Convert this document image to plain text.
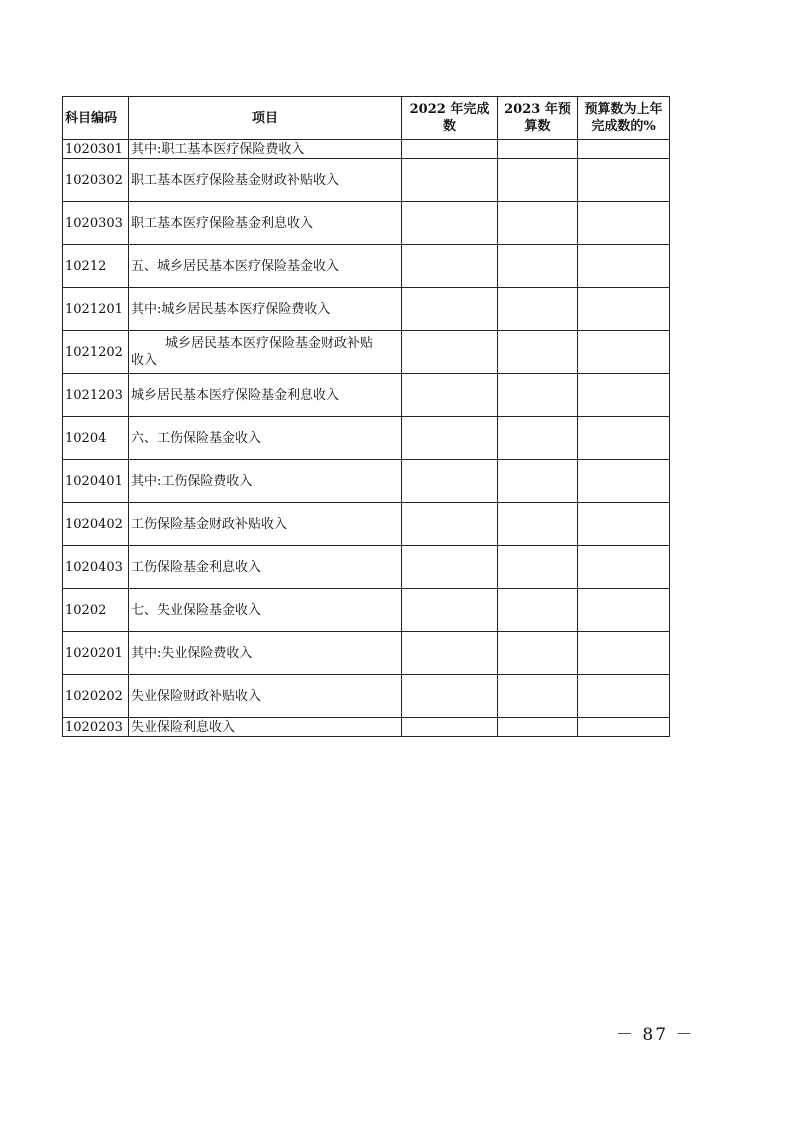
科目编码	项目	2022 年完成数	2023 年预算数	预算数为上年完成数的%
1020301	其中:职工基本医疗保险费收入			
1020302	职工基本医疗保险基金财政补贴收入			
1020303	职工基本医疗保险基金利息收入			
10212	五、城乡居民基本医疗保险基金收入			
1021201	其中:城乡居民基本医疗保险费收入			
1021202	城乡居民基本医疗保险基金财政补贴
收入			
1021203	城乡居民基本医疗保险基金利息收入			
10204	六、工伤保险基金收入			
1020401	其中:工伤保险费收入			
1020402	工伤保险基金财政补贴收入			
1020403	工伤保险基金利息收入			
10202	七、失业保险基金收入			
1020201	其中:失业保险费收入			
1020202	失业保险财政补贴收入			
1020203	失业保险利息收入			
－ 87 －
